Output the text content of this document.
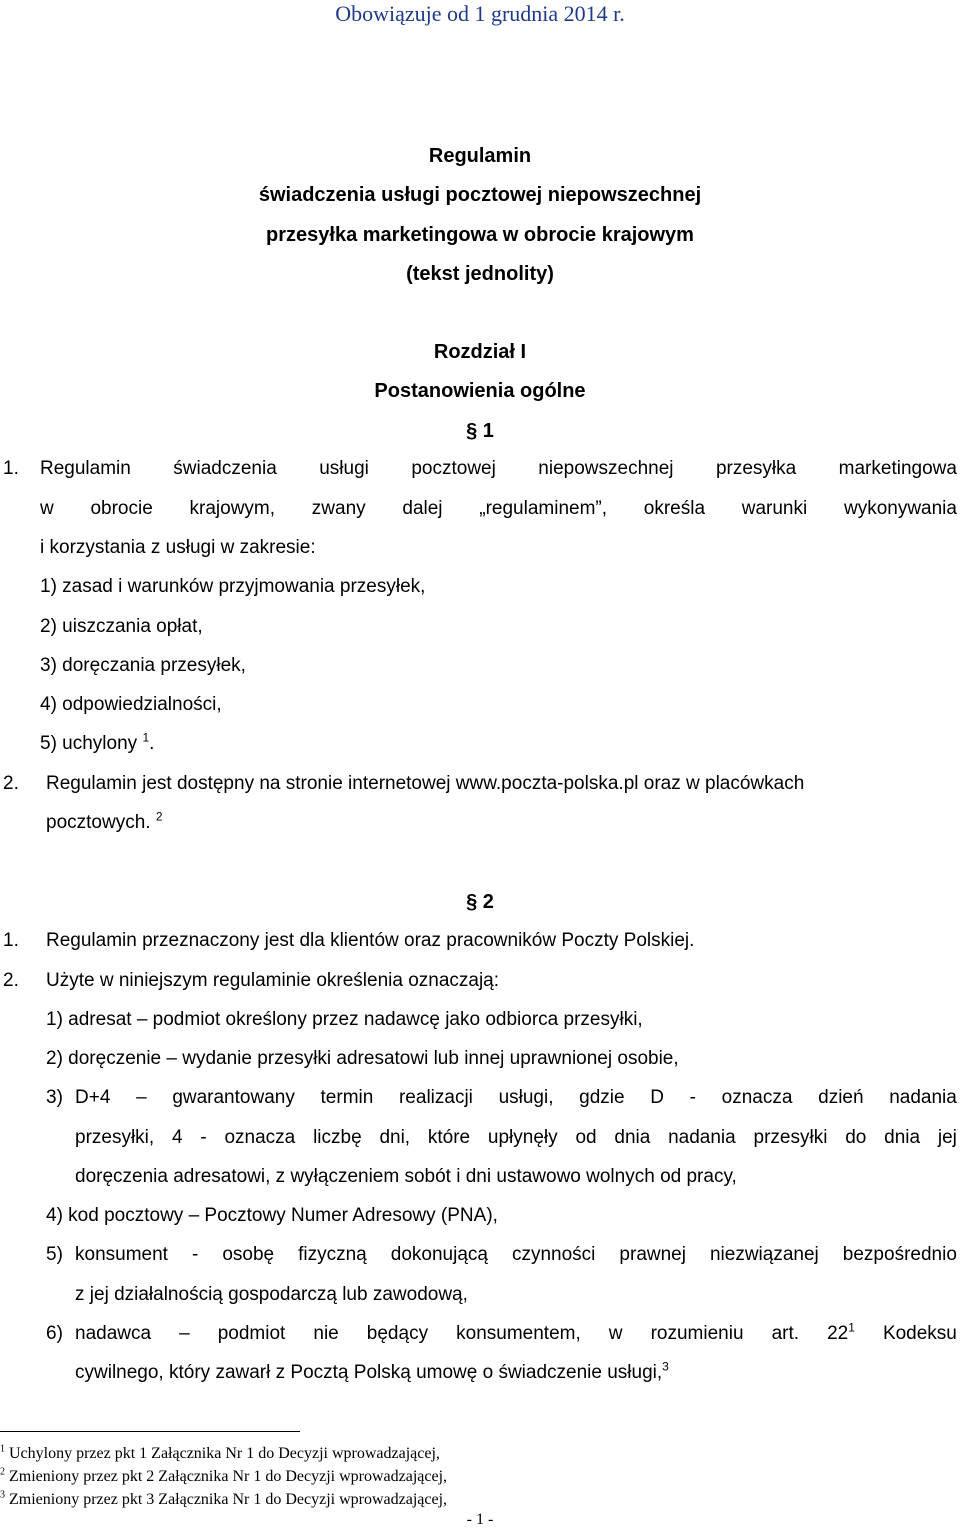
Obowiązuje od 1 grudnia 2014 r.
Regulamin
świadczenia usługi pocztowej niepowszechnej
przesyłka marketingowa w obrocie krajowym
(tekst jednolity)
Rozdział I
Postanowienia ogólne
§ 1
1. Regulamin świadczenia usługi pocztowej niepowszechnej przesyłka marketingowa
w obrocie krajowym, zwany dalej „regulaminem”, określa warunki wykonywania
i korzystania z usługi w zakresie:
1) zasad i warunków przyjmowania przesyłek,
2) uiszczania opłat,
3) doręczania przesyłek,
4) odpowiedzialności,
5) uchylony $^1$.
2. Regulamin jest dostępny na stronie internetowej www.poczta-polska.pl oraz w placówkach
pocztowych. $^2$
§ 2
1. Regulamin przeznaczony jest dla klientów oraz pracowników Poczty Polskiej.
2. Użyte w niniejszym regulaminie określenia oznaczają:
1) adresat – podmiot określony przez nadawcę jako odbiorca przesyłki,
2) doręczenie – wydanie przesyłki adresatowi lub innej uprawnionej osobie,
3) D+4 – gwarantowany termin realizacji usługi, gdzie D - oznacza dzień nadania
przesyłki, 4 - oznacza liczbę dni, które upłynęły od dnia nadania przesyłki do dnia jej
doręczenia adresatowi, z wyłączeniem sobót i dni ustawowo wolnych od pracy,
4) kod pocztowy – Pocztowy Numer Adresowy (PNA),
5) konsument - osobę fizyczną dokonującą czynności prawnej niezwiązanej bezpośrednio
z jej działalnością gospodarczą lub zawodową,
6) nadawca – podmiot nie będący konsumentem, w rozumieniu art. $22^1$ Kodeksu
cywilnego, który zawarł z Pocztą Polską umowę o świadczenie usługi,$^3$
$^1$ Uchylony przez pkt 1 Załącznika Nr 1 do Decyzji wprowadzającej,
$^2$ Zmieniony przez pkt 2 Załącznika Nr 1 do Decyzji wprowadzającej,
$^3$ Zmieniony przez pkt 3 Załącznika Nr 1 do Decyzji wprowadzającej,
- 1 -
